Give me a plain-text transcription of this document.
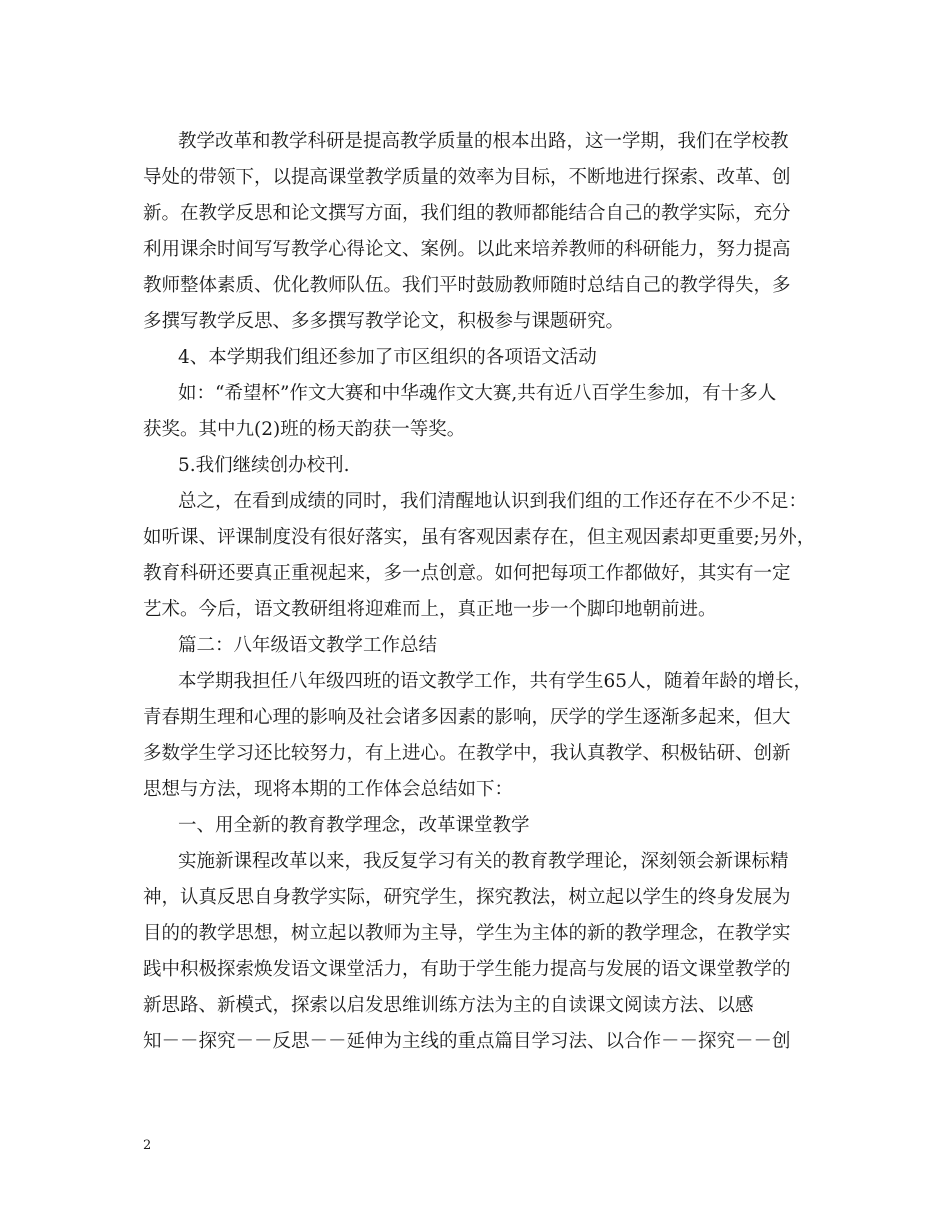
教学改革和教学科研是提高教学质量的根本出路，这一学期，我们在学校教
导处的带领下，以提高课堂教学质量的效率为目标，不断地进行探索、改革、创
新。在教学反思和论文撰写方面，我们组的教师都能结合自己的教学实际，充分
利用课余时间写写教学心得论文、案例。以此来培养教师的科研能力，努力提高
教师整体素质、优化教师队伍。我们平时鼓励教师随时总结自己的教学得失，多
多撰写教学反思、多多撰写教学论文，积极参与课题研究。
4、本学期我们组还参加了市区组织的各项语文活动
如：“希望杯”作文大赛和中华魂作文大赛,共有近八百学生参加，有十多人
获奖。其中九(2)班的杨天韵获一等奖。
5.我们继续创办校刊.
总之，在看到成绩的同时，我们清醒地认识到我们组的工作还存在不少不足：
如听课、评课制度没有很好落实，虽有客观因素存在，但主观因素却更重要;另外，
教育科研还要真正重视起来，多一点创意。如何把每项工作都做好，其实有一定
艺术。今后，语文教研组将迎难而上，真正地一步一个脚印地朝前进。
篇二：八年级语文教学工作总结
本学期我担任八年级四班的语文教学工作，共有学生65人，随着年龄的增长，
青春期生理和心理的影响及社会诸多因素的影响，厌学的学生逐渐多起来，但大
多数学生学习还比较努力，有上进心。在教学中，我认真教学、积极钻研、创新
思想与方法，现将本期的工作体会总结如下：
一、用全新的教育教学理念，改革课堂教学
实施新课程改革以来，我反复学习有关的教育教学理论，深刻领会新课标精
神，认真反思自身教学实际，研究学生，探究教法，树立起以学生的终身发展为
目的的教学思想，树立起以教师为主导，学生为主体的新的教学理念，在教学实
践中积极探索焕发语文课堂活力，有助于学生能力提高与发展的语文课堂教学的
新思路、新模式，探索以启发思维训练方法为主的自读课文阅读方法、以感
知－－探究－－反思－－延伸为主线的重点篇目学习法、以合作－－探究－－创
2
